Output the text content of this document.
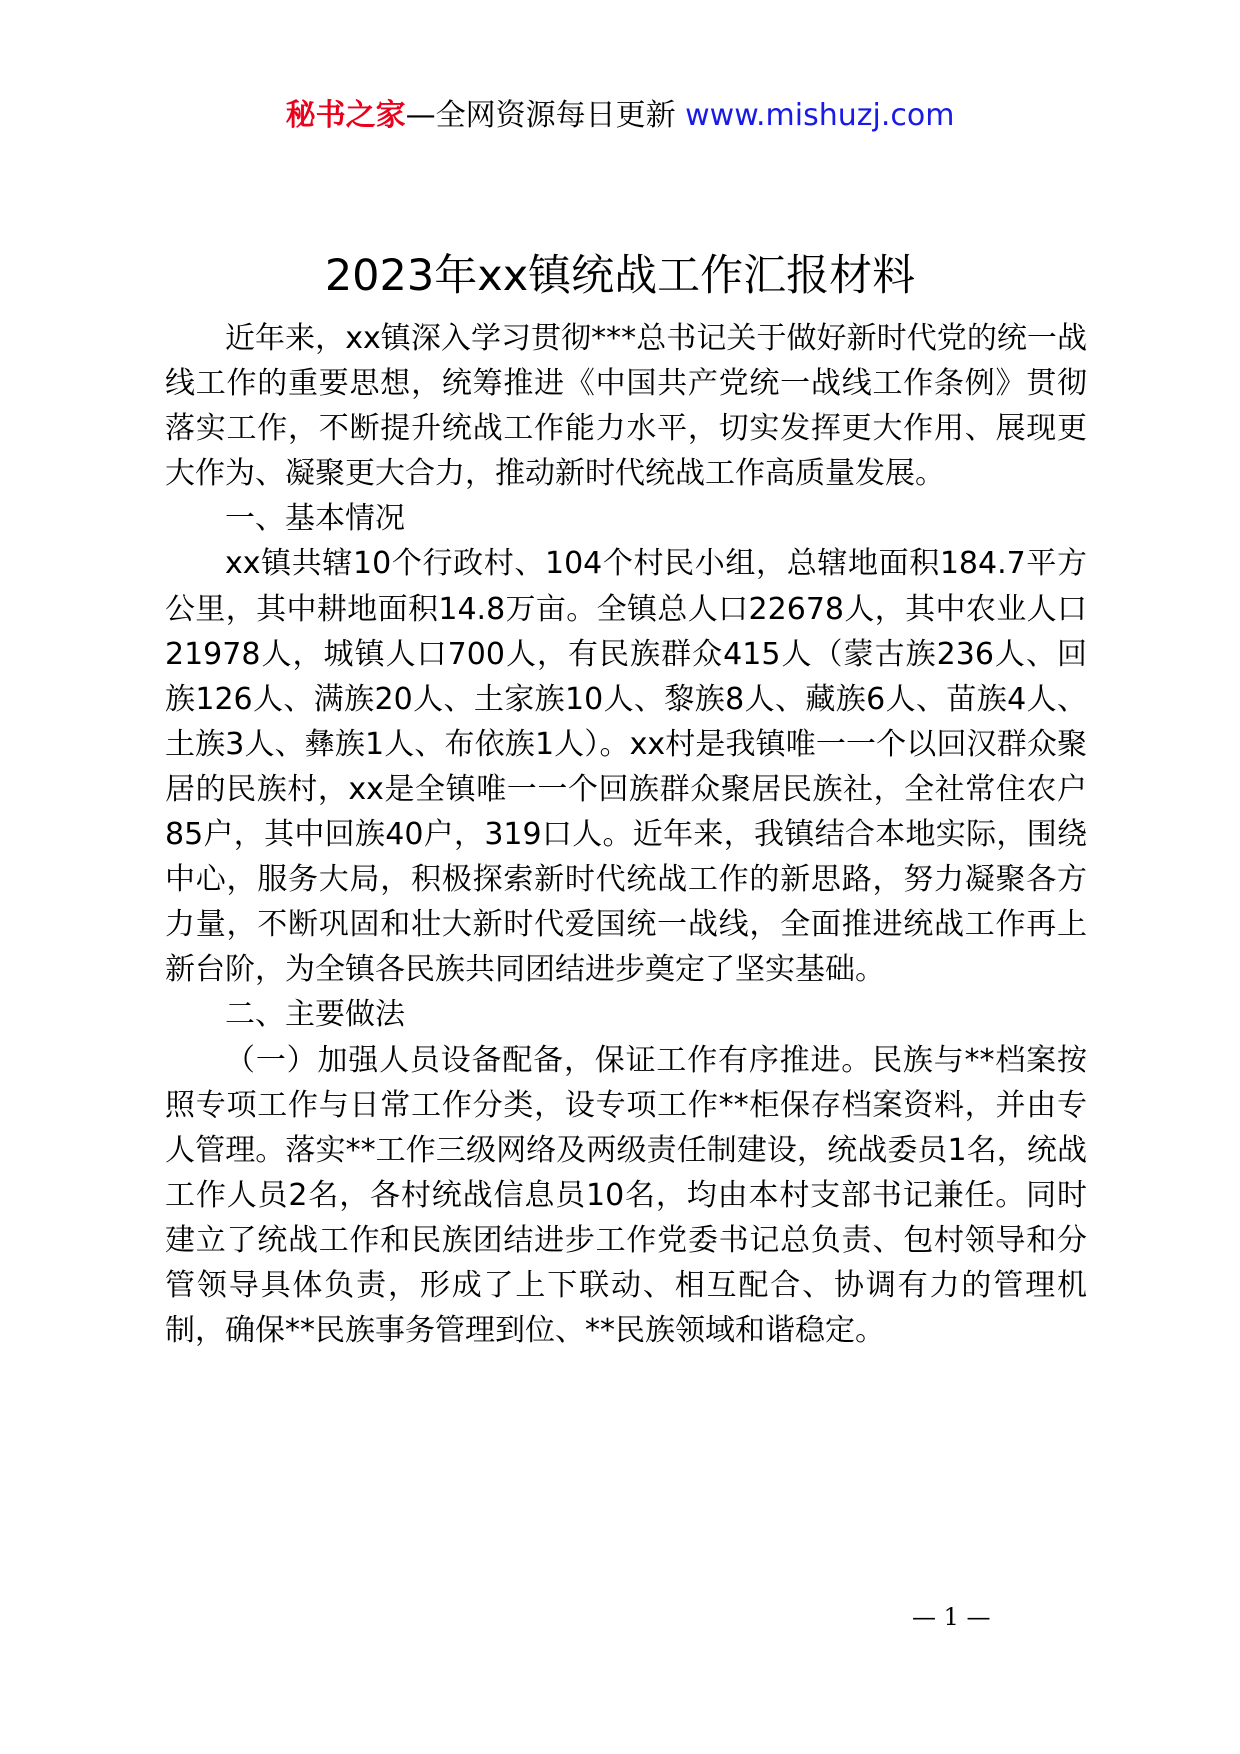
秘书之家—全网资源每日更新 www.mishuzj.com
2023年xx镇统战工作汇报材料

近年来，xx镇深入学习贯彻***总书记关于做好新时代党的统一战线工作的重要思想，统筹推进《中国共产党统一战线工作条例》贯彻落实工作，不断提升统战工作能力水平，切实发挥更大作用、展现更大作为、凝聚更大合力，推动新时代统战工作高质量发展。

一、基本情况

xx镇共辖10个行政村、104个村民小组，总辖地面积184.7平方公里，其中耕地面积14.8万亩。全镇总人口22678人，其中农业人口21978人，城镇人口700人，有民族群众415人（蒙古族236人、回族126人、满族20人、土家族10人、黎族8人、藏族6人、苗族4人、土族3人、彝族1人、布依族1人）。xx村是我镇唯一一个以回汉群众聚居的民族村，xx是全镇唯一一个回族群众聚居民族社，全社常住农户85户，其中回族40户，319口人。近年来，我镇结合本地实际，围绕中心，服务大局，积极探索新时代统战工作的新思路，努力凝聚各方力量，不断巩固和壮大新时代爱国统一战线，全面推进统战工作再上新台阶，为全镇各民族共同团结进步奠定了坚实基础。

二、主要做法

（一）加强人员设备配备，保证工作有序推进。民族与**档案按照专项工作与日常工作分类，设专项工作**柜保存档案资料，并由专人管理。落实**工作三级网络及两级责任制建设，统战委员1名，统战工作人员2名，各村统战信息员10名，均由本村支部书记兼任。同时建立了统战工作和民族团结进步工作党委书记总负责、包村领导和分管领导具体负责，形成了上下联动、相互配合、协调有力的管理机制，确保**民族事务管理到位、**民族领域和谐稳定。

— 1 —
